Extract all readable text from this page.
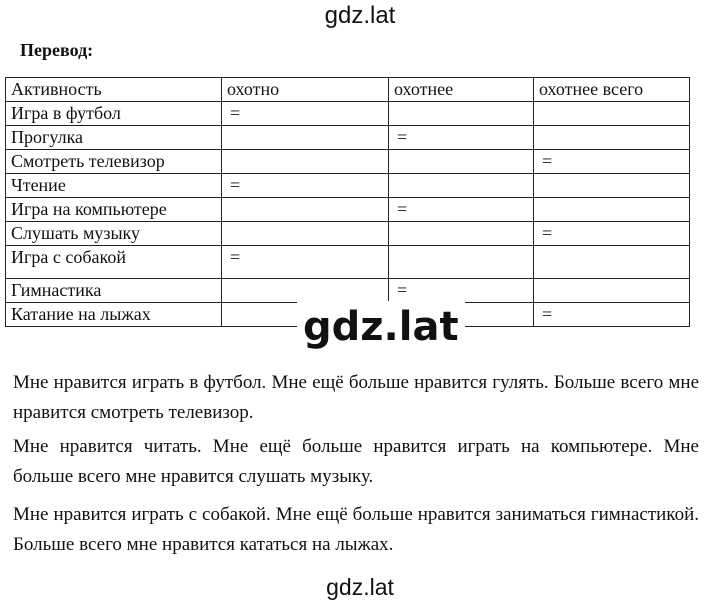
gdz.lat
Перевод:
Активность	охотно	охотнее	охотнее всего
Игра в футбол	=		
Прогулка		=	
Смотреть телевизор			=
Чтение	=		
Игра на компьютере		=	
Слушать музыку			=
Игра с собакой	=		
Гимнастика		=	
Катание на лыжах			=
gdz.lat

Мне нравится играть в футбол. Мне ещё больше нравится гулять. Больше всего мне нравится смотреть телевизор.

Мне нравится читать. Мне ещё больше нравится играть на компьютере. Мне больше всего мне нравится слушать музыку.

Мне нравится играть с собакой. Мне ещё больше нравится заниматься гимнастикой. Больше всего мне нравится кататься на лыжах.

gdz.lat
